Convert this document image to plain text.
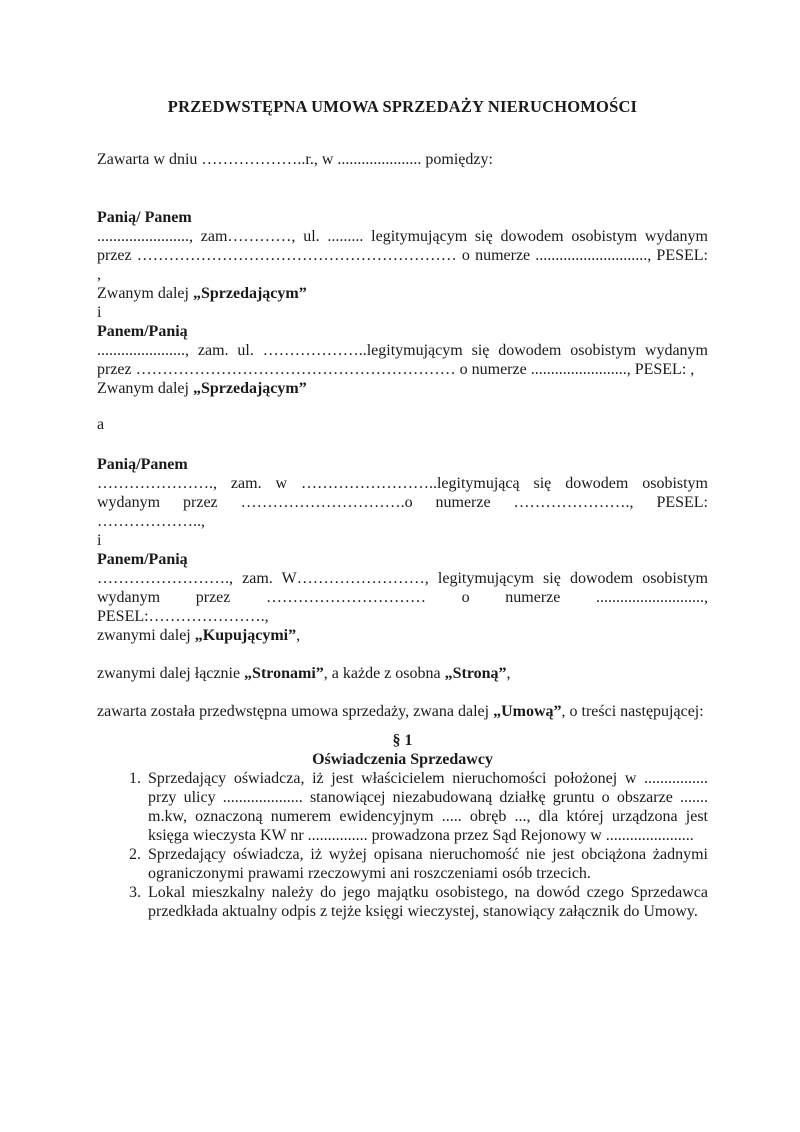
PRZEDWSTĘPNA UMOWA SPRZEDAŻY NIERUCHOMOŚCI

Zawarta w dniu ………………..r., w ..................... pomiędzy:

Panią/ Panem

......................., zam…………, ul. ......... legitymującym się dowodem osobistym wydanym przez …………………………………………………… o numerze ............................, PESEL: ,

Zwanym dalej „Sprzedającym”

i

Panem/Panią

......................, zam. ul. ………………..legitymującym się dowodem osobistym wydanym przez …………………………………………………… o numerze ........................, PESEL: ,

Zwanym dalej „Sprzedającym”

a

Panią/Panem

…………………., zam. w ……………………..legitymującą się dowodem osobistym wydanym przez ………………………….o numerze …………………., PESEL: ………………..,

i

Panem/Panią

……………………., zam. W……………………, legitymującym się dowodem osobistym wydanym przez ………………………… o numerze ..........................., PESEL:………………….,

zwanymi dalej „Kupującymi”,

zwanymi dalej łącznie „Stronami”, a każde z osobna „Stroną”,

zawarta została przedwstępna umowa sprzedaży, zwana dalej „Umową”, o treści następującej:

§ 1

Oświadczenia Sprzedawcy

1. Sprzedający oświadcza, iż jest właścicielem nieruchomości położonej w ................ przy ulicy .................... stanowiącej niezabudowaną działkę gruntu o obszarze ....... m.kw, oznaczoną numerem ewidencyjnym ..... obręb ..., dla której urządzona jest księga wieczysta KW nr ............... prowadzona przez Sąd Rejonowy w ......................
2. Sprzedający oświadcza, iż wyżej opisana nieruchomość nie jest obciążona żadnymi ograniczonymi prawami rzeczowymi ani roszczeniami osób trzecich.
3. Lokal mieszkalny należy do jego majątku osobistego, na dowód czego Sprzedawca przedkłada aktualny odpis z tejże księgi wieczystej, stanowiący załącznik do Umowy.
